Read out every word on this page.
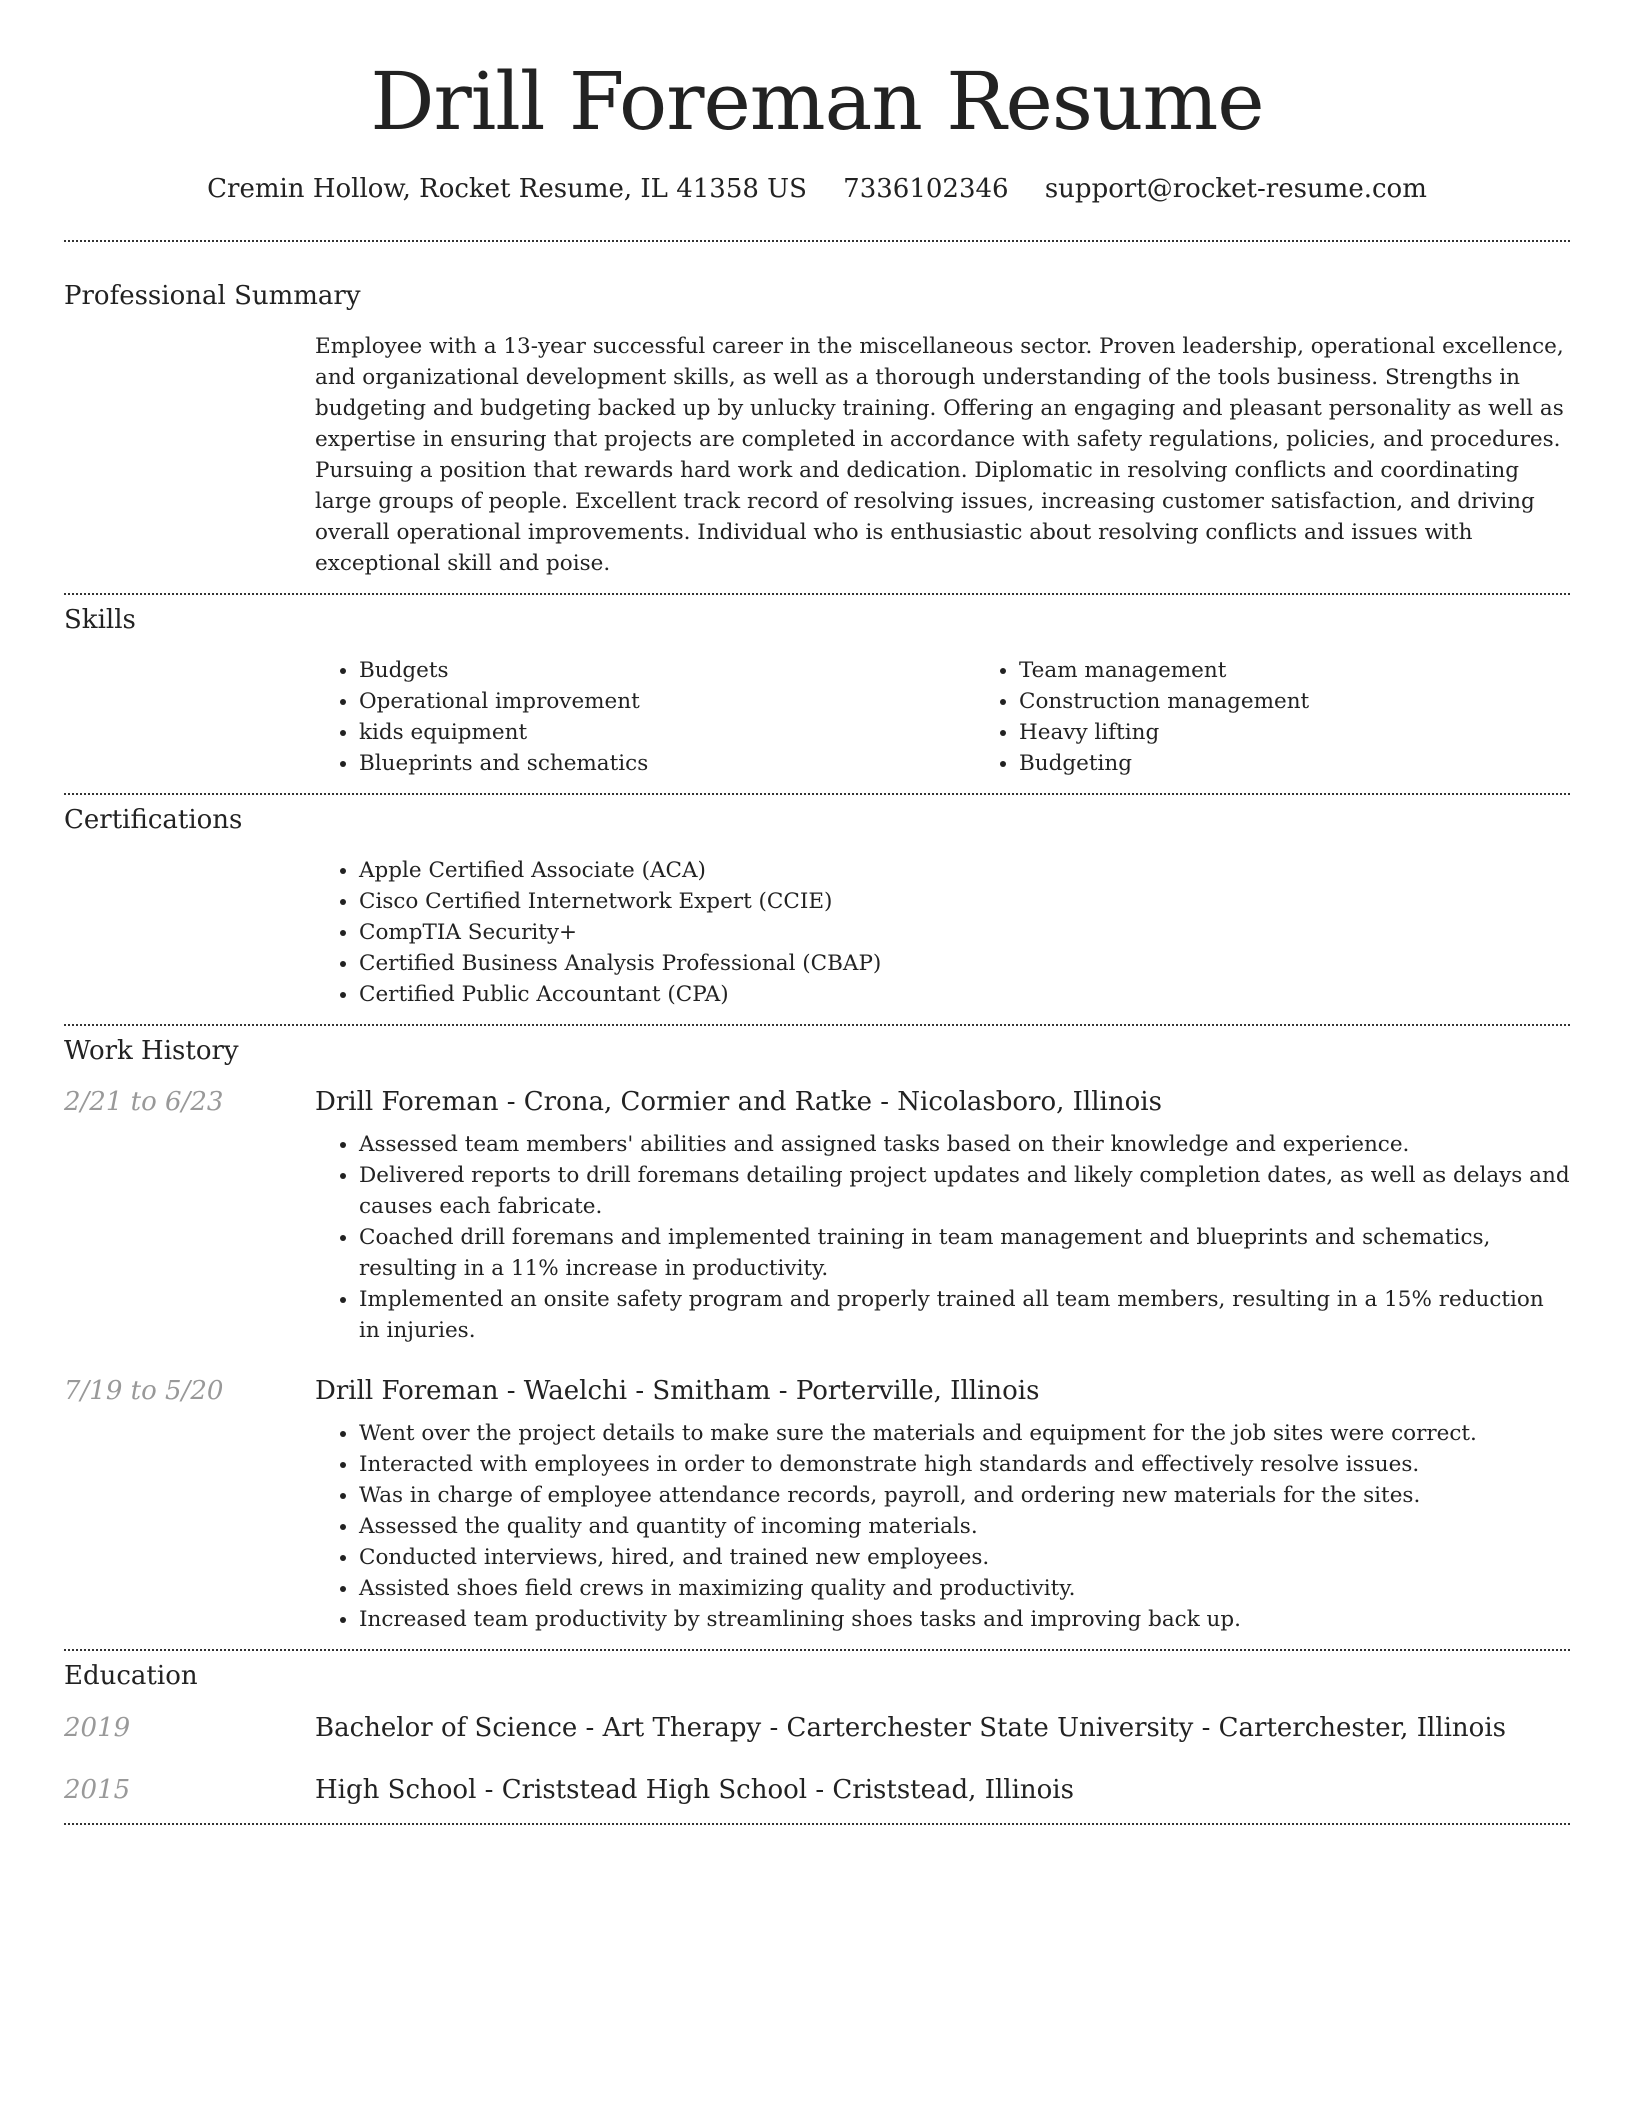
Drill Foreman Resume
Cremin Hollow, Rocket Resume, IL 41358 US 7336102346 support@rocket-resume.com
Professional Summary
Employee with a 13-year successful career in the miscellaneous sector. Proven leadership, operational excellence, and organizational development skills, as well as a thorough understanding of the tools business. Strengths in budgeting and budgeting backed up by unlucky training. Offering an engaging and pleasant personality as well as expertise in ensuring that projects are completed in accordance with safety regulations, policies, and procedures. Pursuing a position that rewards hard work and dedication. Diplomatic in resolving conflicts and coordinating large groups of people. Excellent track record of resolving issues, increasing customer satisfaction, and driving overall operational improvements. Individual who is enthusiastic about resolving conflicts and issues with exceptional skill and poise.
Skills
• Budgets
• Operational improvement
• kids equipment
• Blueprints and schematics
• Team management
• Construction management
• Heavy lifting
• Budgeting
Certifications
• Apple Certified Associate (ACA)
• Cisco Certified Internetwork Expert (CCIE)
• CompTIA Security+
• Certified Business Analysis Professional (CBAP)
• Certified Public Accountant (CPA)
Work History
2/21 to 6/23	Drill Foreman - Crona, Cormier and Ratke - Nicolasboro, Illinois
• Assessed team members' abilities and assigned tasks based on their knowledge and experience.
• Delivered reports to drill foremans detailing project updates and likely completion dates, as well as delays and causes each fabricate.
• Coached drill foremans and implemented training in team management and blueprints and schematics, resulting in a 11% increase in productivity.
• Implemented an onsite safety program and properly trained all team members, resulting in a 15% reduction in injuries.
7/19 to 5/20	Drill Foreman - Waelchi - Smitham - Porterville, Illinois
• Went over the project details to make sure the materials and equipment for the job sites were correct.
• Interacted with employees in order to demonstrate high standards and effectively resolve issues.
• Was in charge of employee attendance records, payroll, and ordering new materials for the sites.
• Assessed the quality and quantity of incoming materials.
• Conducted interviews, hired, and trained new employees.
• Assisted shoes field crews in maximizing quality and productivity.
• Increased team productivity by streamlining shoes tasks and improving back up.
Education
2019	Bachelor of Science - Art Therapy - Carterchester State University - Carterchester, Illinois
2015	High School - Criststead High School - Criststead, Illinois
